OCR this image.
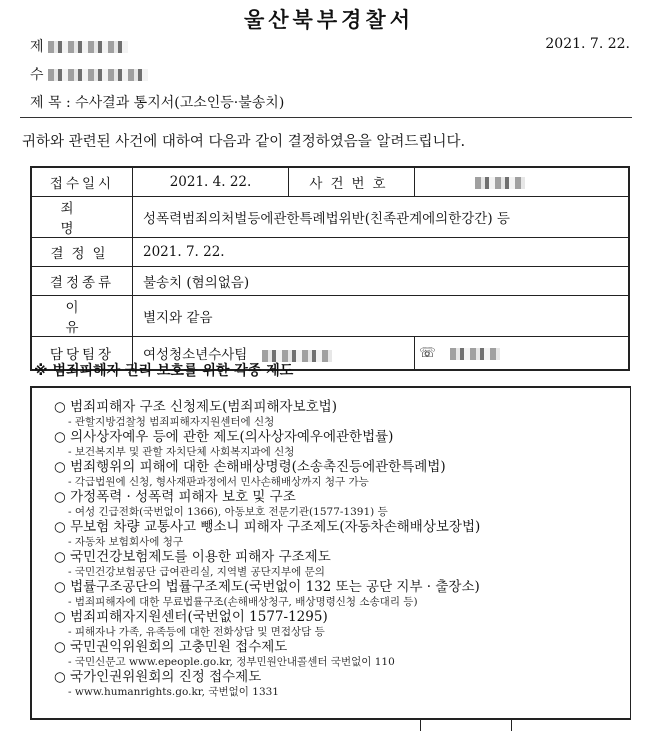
울산북부경찰서
제	2021. 7. 22.
수
제 목 : 수사결과 통지서(고소인등·불송치)
귀하와 관련된 사건에 대하여 다음과 같이 결정하였음을 알려드립니다.
접수일시	2021. 4. 22.	사건번호	
죄 명	성폭력범죄의처벌등에관한특례법위반(친족관계에의한강간) 등		
결정일	2021. 7. 22.		
결정종류	불송치 (혐의없음)		
이 유	별지와 같음		
담당팀장	여성청소년수사팀		☏
※ 범죄피해자 권리 보호를 위한 각종 제도
○ 범죄피해자 구조 신청제도(범죄피해자보호법)
- 관할지방검찰청 범죄피해자지원센터에 신청
○ 의사상자예우 등에 관한 제도(의사상자예우에관한법률)
- 보건복지부 및 관할 자치단체 사회복지과에 신청
○ 범죄행위의 피해에 대한 손해배상명령(소송촉진등에관한특례법)
- 각급법원에 신청, 형사재판과정에서 민사손해배상까지 청구 가능
○ 가정폭력 · 성폭력 피해자 보호 및 구조
- 여성 긴급전화(국번없이 1366), 아동보호 전문기관(1577-1391) 등
○ 무보험 차량 교통사고 뺑소니 피해자 구조제도(자동차손해배상보장법)
- 자동차 보험회사에 청구
○ 국민건강보험제도를 이용한 피해자 구조제도
- 국민건강보험공단 급여관리실, 지역별 공단지부에 문의
○ 법률구조공단의 법률구조제도(국번없이 132 또는 공단 지부 · 출장소)
- 범죄피해자에 대한 무료법률구조(손해배상청구, 배상명령신청 소송대리 등)
○ 범죄피해자지원센터(국번없이 1577-1295)
- 피해자나 가족, 유족등에 대한 전화상담 및 면접상담 등
○ 국민권익위원회의 고충민원 접수제도
- 국민신문고 www.epeople.go.kr, 정부민원안내콜센터 국번없이 110
○ 국가인권위원회의 진정 접수제도
- www.humanrights.go.kr, 국번없이 1331
